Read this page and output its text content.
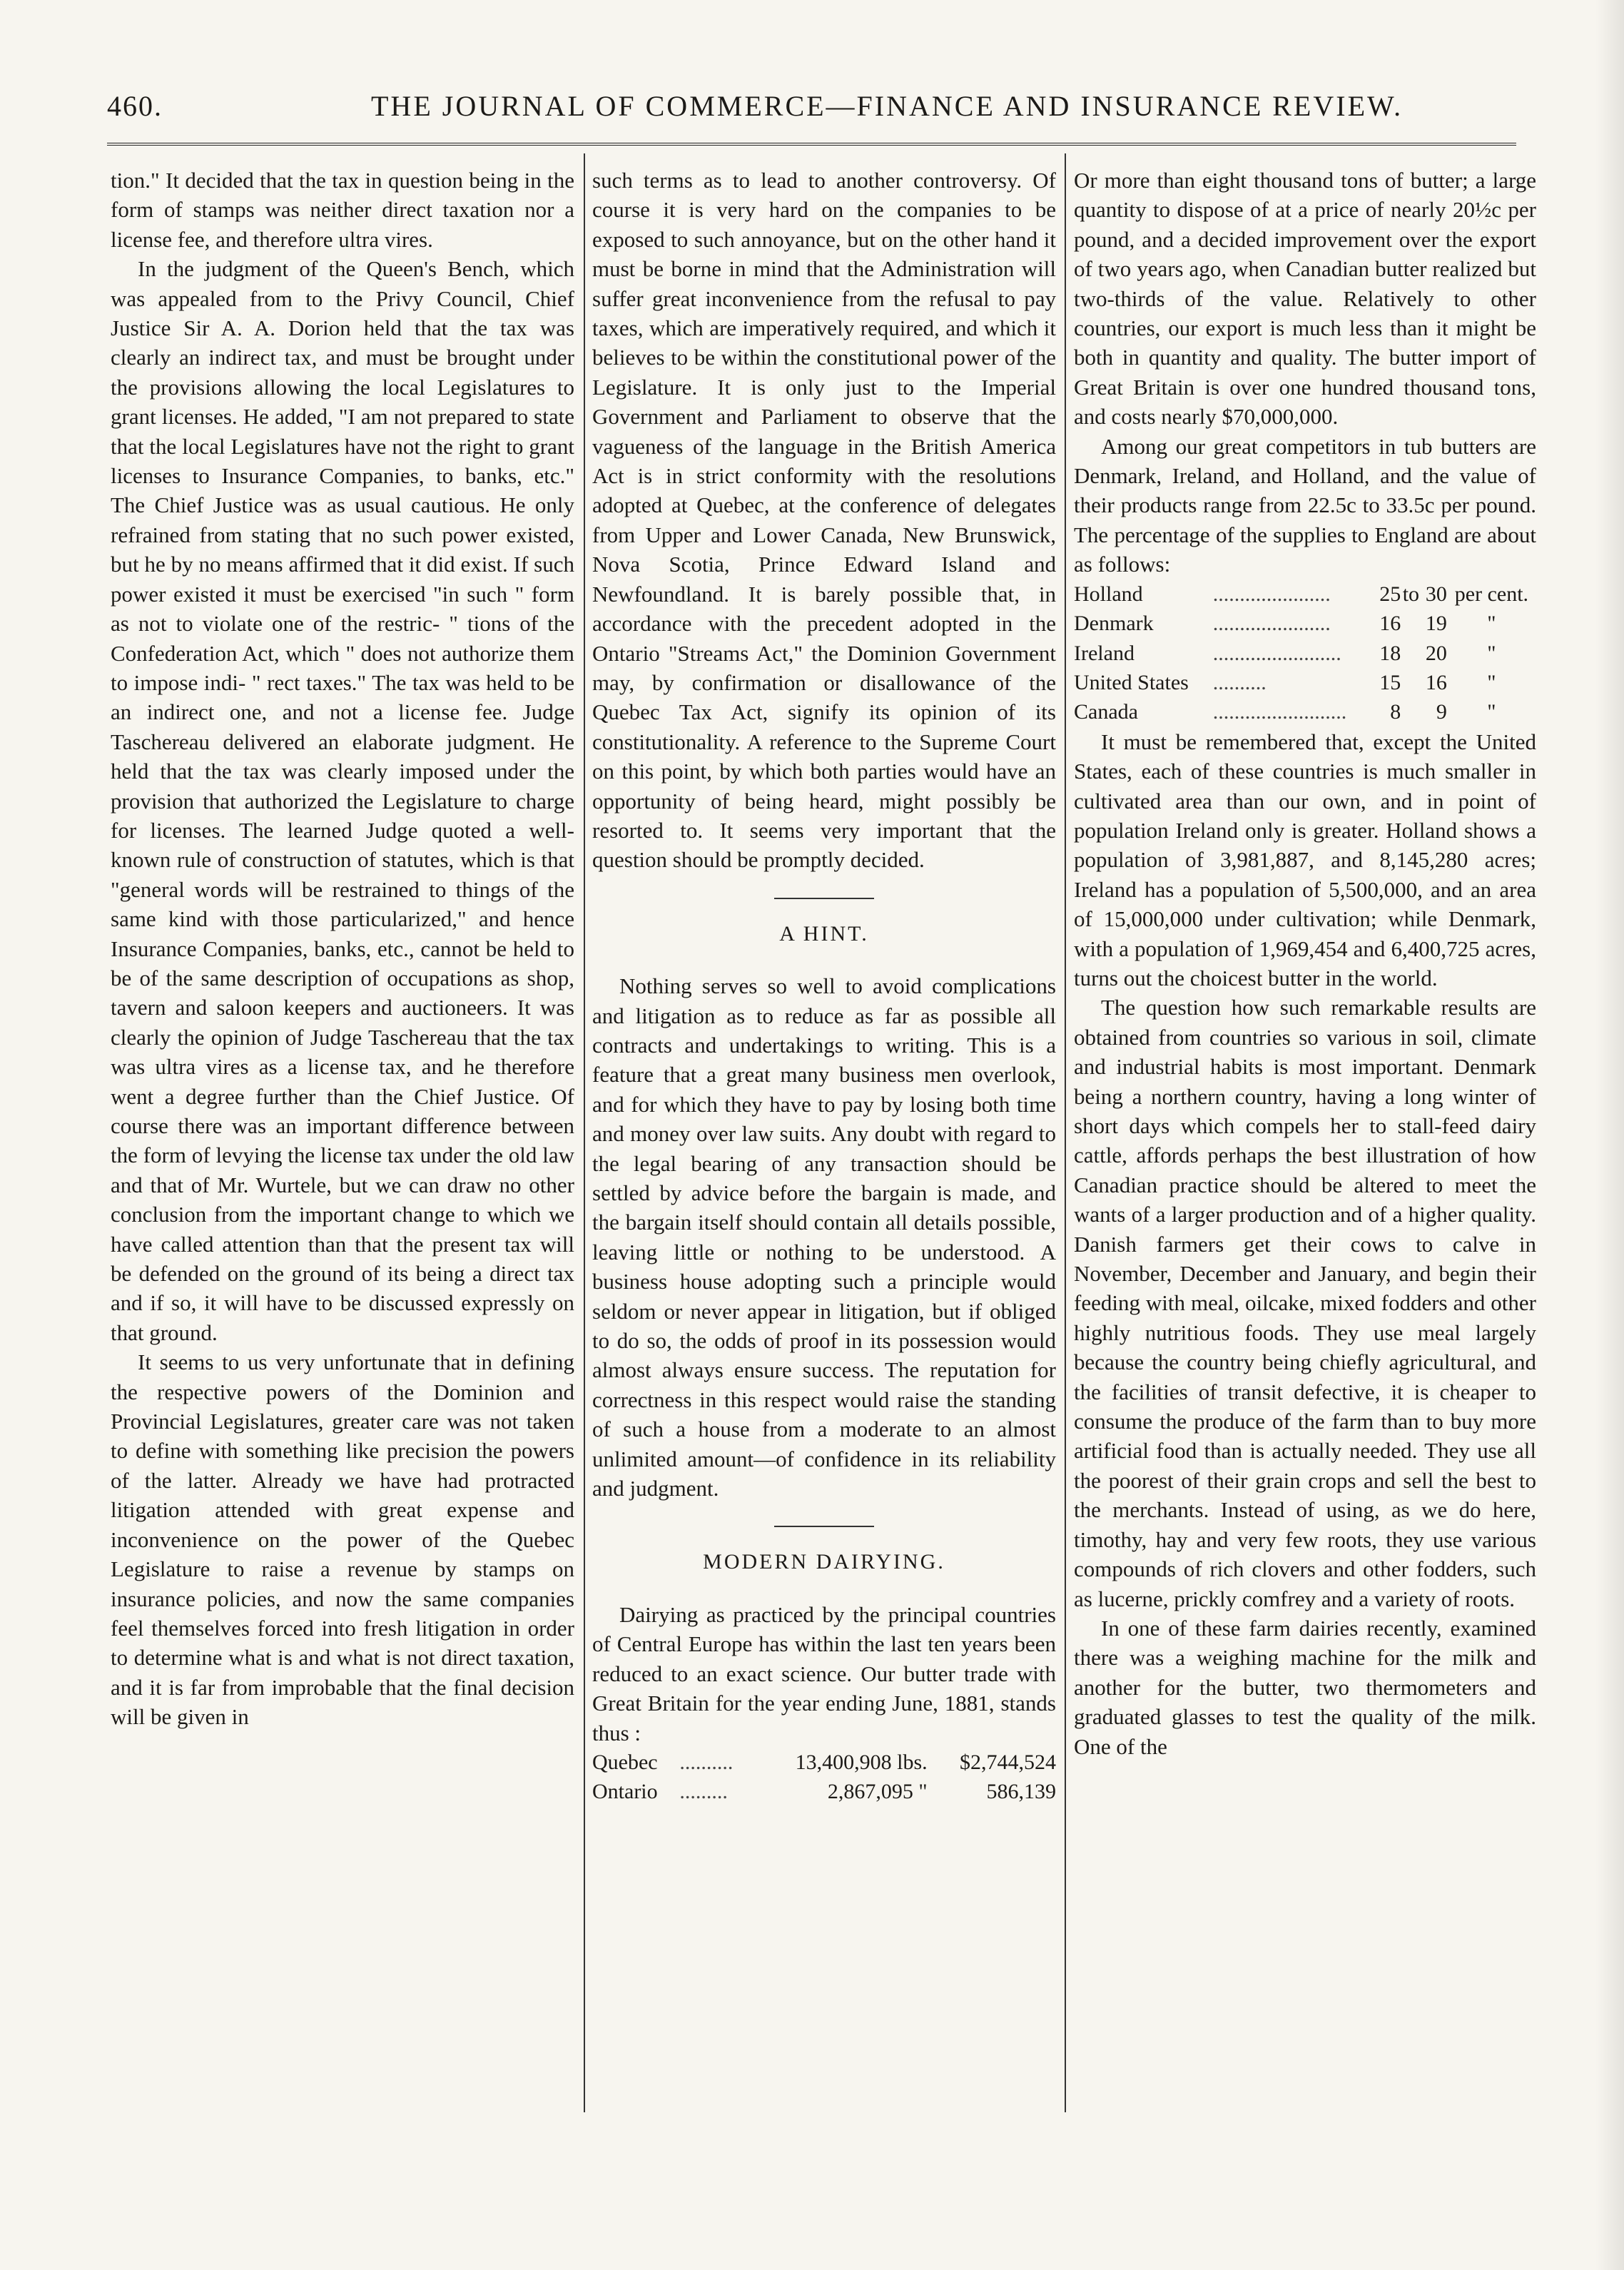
460.	THE JOURNAL OF COMMERCE—FINANCE AND INSURANCE REVIEW.

tion." It decided that the tax in question being in the form of stamps was neither direct taxation nor a license fee, and therefore ultra vires.

In the judgment of the Queen's Bench, which was appealed from to the Privy Council, Chief Justice Sir A. A. Dorion held that the tax was clearly an indirect tax, and must be brought under the provisions allowing the local Legislatures to grant licenses. He added, "I am not prepared to state that the local Legislatures have not the right to grant licenses to Insurance Companies, to banks, etc." The Chief Justice was as usual cautious. He only refrained from stating that no such power existed, but he by no means affirmed that it did exist. If such power existed it must be exercised "in such " form as not to violate one of the restric- " tions of the Confederation Act, which " does not authorize them to impose indi- " rect taxes." The tax was held to be an indirect one, and not a license fee. Judge Taschereau delivered an elaborate judgment. He held that the tax was clearly imposed under the provision that authorized the Legislature to charge for licenses. The learned Judge quoted a well-known rule of construction of statutes, which is that "general words will be restrained to things of the same kind with those particularized," and hence Insurance Companies, banks, etc., cannot be held to be of the same description of occupations as shop, tavern and saloon keepers and auctioneers. It was clearly the opinion of Judge Taschereau that the tax was ultra vires as a license tax, and he therefore went a degree further than the Chief Justice. Of course there was an important difference between the form of levying the license tax under the old law and that of Mr. Wurtele, but we can draw no other conclusion from the important change to which we have called attention than that the present tax will be defended on the ground of its being a direct tax and if so, it will have to be discussed expressly on that ground.

It seems to us very unfortunate that in defining the respective powers of the Dominion and Provincial Legislatures, greater care was not taken to define with something like precision the powers of the latter. Already we have had protracted litigation attended with great expense and inconvenience on the power of the Quebec Legislature to raise a revenue by stamps on insurance policies, and now the same companies feel themselves forced into fresh litigation in order to determine what is and what is not direct taxation, and it is far from improbable that the final decision will be given in

such terms as to lead to another controversy. Of course it is very hard on the companies to be exposed to such annoyance, but on the other hand it must be borne in mind that the Administration will suffer great inconvenience from the refusal to pay taxes, which are imperatively required, and which it believes to be within the constitutional power of the Legislature. It is only just to the Imperial Government and Parliament to observe that the vagueness of the language in the British America Act is in strict conformity with the resolutions adopted at Quebec, at the conference of delegates from Upper and Lower Canada, New Brunswick, Nova Scotia, Prince Edward Island and Newfoundland. It is barely possible that, in accordance with the precedent adopted in the Ontario "Streams Act," the Dominion Government may, by confirmation or disallowance of the Quebec Tax Act, signify its opinion of its constitutionality. A reference to the Supreme Court on this point, by which both parties would have an opportunity of being heard, might possibly be resorted to. It seems very important that the question should be promptly decided.

A HINT.

Nothing serves so well to avoid complications and litigation as to reduce as far as possible all contracts and undertakings to writing. This is a feature that a great many business men overlook, and for which they have to pay by losing both time and money over law suits. Any doubt with regard to the legal bearing of any transaction should be settled by advice before the bargain is made, and the bargain itself should contain all details possible, leaving little or nothing to be understood. A business house adopting such a principle would seldom or never appear in litigation, but if obliged to do so, the odds of proof in its possession would almost always ensure success. The reputation for correctness in this respect would raise the standing of such a house from a moderate to an almost unlimited amount—of confidence in its reliability and judgment.

MODERN DAIRYING.

Dairying as practiced by the principal countries of Central Europe has within the last ten years been reduced to an exact science. Our butter trade with Great Britain for the year ending June, 1881, stands thus :

Quebec	..........	13,400,908 lbs.	$2,744,524
Ontario	.........	2,867,095 "	586,139

Or more than eight thousand tons of butter; a large quantity to dispose of at a price of nearly 20½c per pound, and a decided improvement over the export of two years ago, when Canadian butter realized but two-thirds of the value. Relatively to other countries, our export is much less than it might be both in quantity and quality. The butter import of Great Britain is over one hundred thousand tons, and costs nearly $70,000,000.

Among our great competitors in tub butters are Denmark, Ireland, and Holland, and the value of their products range from 22.5c to 33.5c per pound. The percentage of the supplies to England are about as follows:

Holland	......................	25	to	30	per cent.
Denmark	......................	16		19	"
Ireland	........................	18		20	"
United States	..........	15		16	"
Canada	.........................	8		9	"

It must be remembered that, except the United States, each of these countries is much smaller in cultivated area than our own, and in point of population Ireland only is greater. Holland shows a population of 3,981,887, and 8,145,280 acres; Ireland has a population of 5,500,000, and an area of 15,000,000 under cultivation; while Denmark, with a population of 1,969,454 and 6,400,725 acres, turns out the choicest butter in the world.

The question how such remarkable results are obtained from countries so various in soil, climate and industrial habits is most important. Denmark being a northern country, having a long winter of short days which compels her to stall-feed dairy cattle, affords perhaps the best illustration of how Canadian practice should be altered to meet the wants of a larger production and of a higher quality. Danish farmers get their cows to calve in November, December and January, and begin their feeding with meal, oilcake, mixed fodders and other highly nutritious foods. They use meal largely because the country being chiefly agricultural, and the facilities of transit defective, it is cheaper to consume the produce of the farm than to buy more artificial food than is actually needed. They use all the poorest of their grain crops and sell the best to the merchants. Instead of using, as we do here, timothy, hay and very few roots, they use various compounds of rich clovers and other fodders, such as lucerne, prickly comfrey and a variety of roots.

In one of these farm dairies recently, examined there was a weighing machine for the milk and another for the butter, two thermometers and graduated glasses to test the quality of the milk. One of the
